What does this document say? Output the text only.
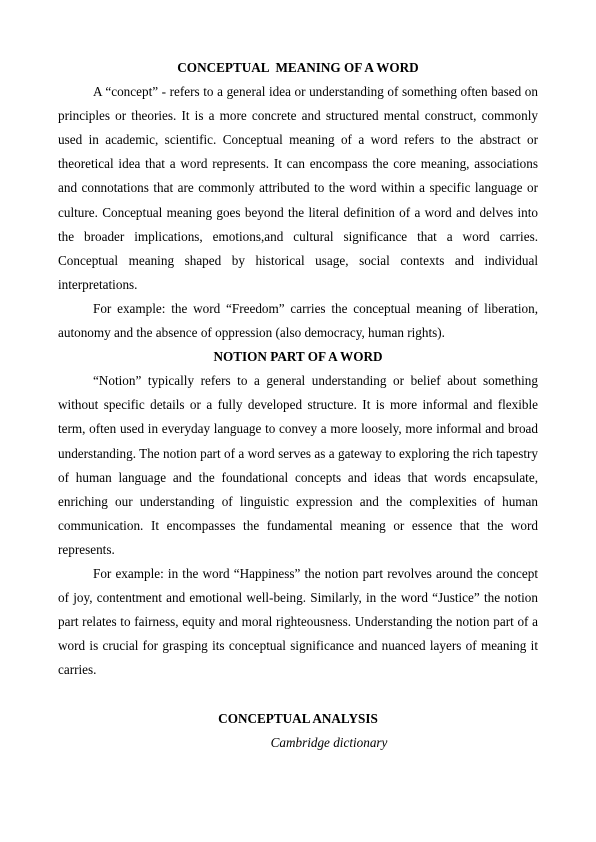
CONCEPTUAL  MEANING OF A WORD

A “concept” - refers to a general idea or understanding of something often based on principles or theories. It is a more concrete and structured mental construct, commonly used in academic, scientific. Conceptual meaning of a word refers to the abstract or theoretical idea that a word represents. It can encompass the core meaning, associations and connotations that are commonly attributed to the word within a specific language or culture. Conceptual meaning goes beyond the literal definition of a word and delves into the broader implications, emotions,and cultural significance that a word carries. Conceptual meaning shaped by historical usage, social contexts and individual interpretations.

For example: the word “Freedom” carries the conceptual meaning of liberation, autonomy and the absence of oppression (also democracy, human rights).

NOTION PART OF A WORD

“Notion” typically refers to a general understanding or belief about something without specific details or a fully developed structure. It is more informal and flexible term, often used in everyday language to convey a more loosely, more informal and broad understanding. The notion part of a word serves as a gateway to exploring the rich tapestry of human language and the foundational concepts and ideas that words encapsulate, enriching our understanding of linguistic expression and the complexities of human communication. It encompasses the fundamental meaning or essence that the word represents.

For example: in the word “Happiness” the notion part revolves around the concept of joy, contentment and emotional well-being. Similarly, in the word “Justice” the notion part relates to fairness, equity and moral righteousness. Understanding the notion part of a word is crucial for grasping its conceptual significance and nuanced layers of meaning it carries.

CONCEPTUAL ANALYSIS
Cambridge dictionary
